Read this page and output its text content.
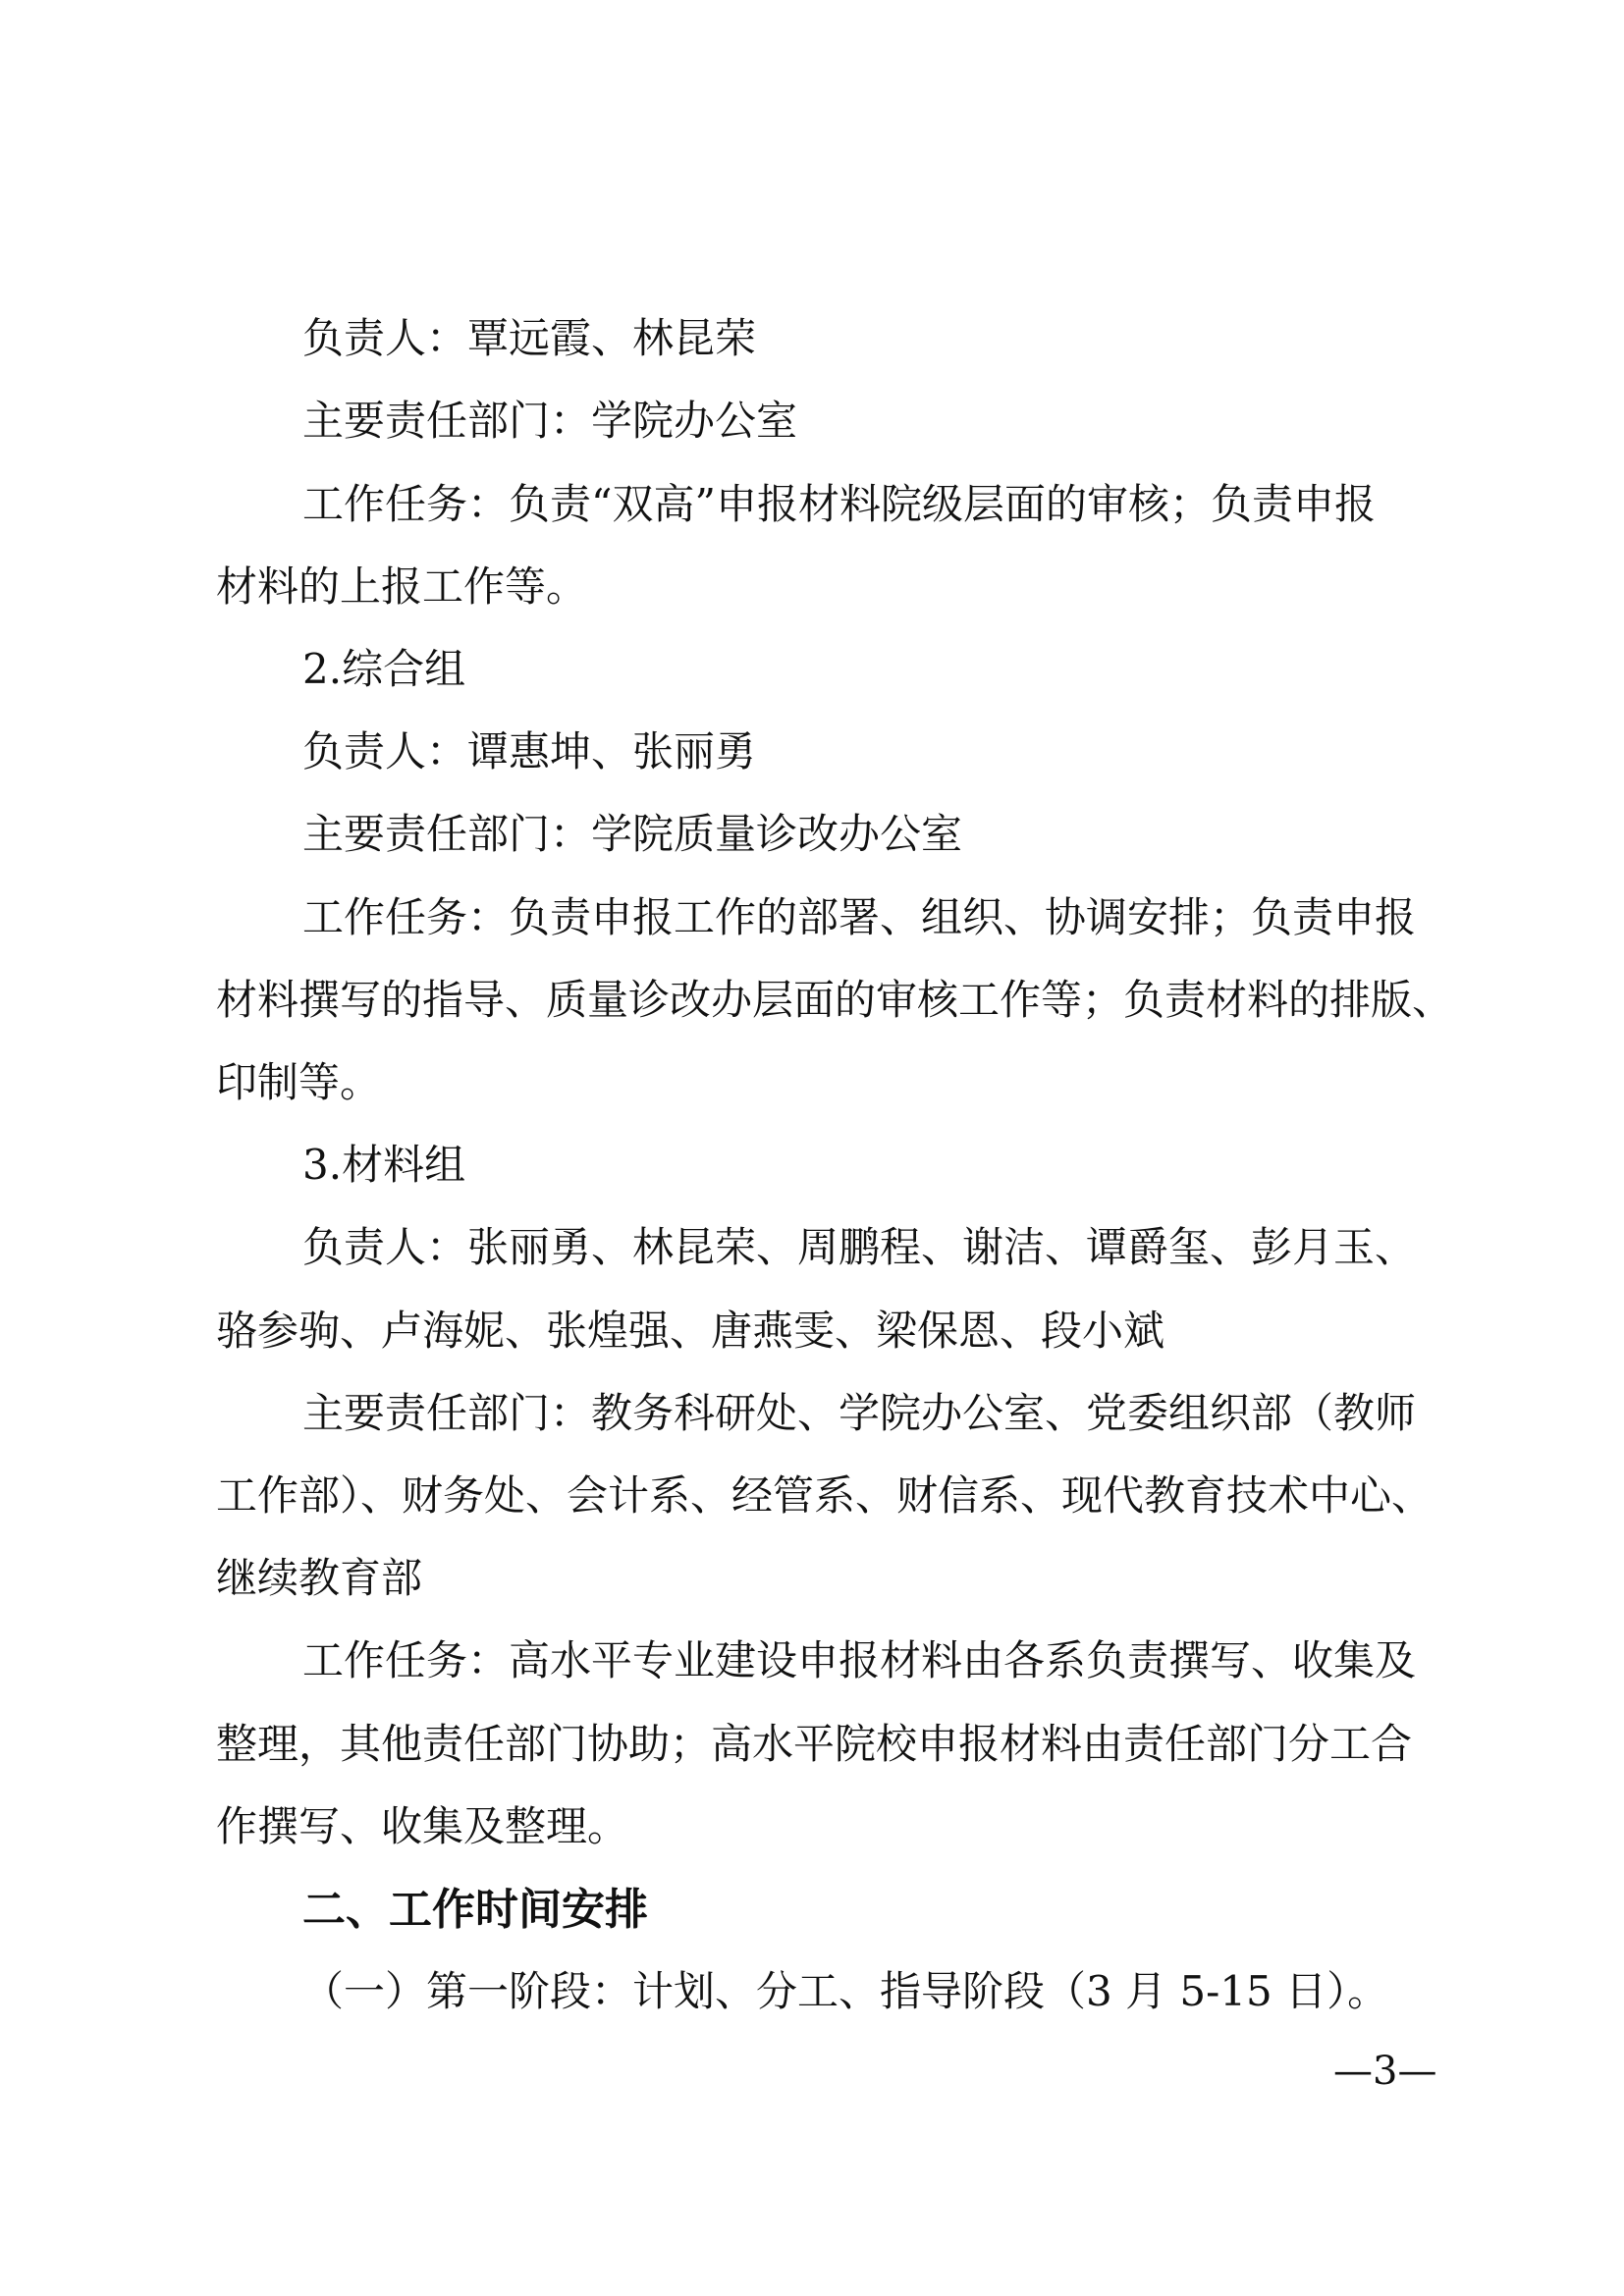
负责人：覃远霞、林昆荣
主要责任部门：学院办公室
工作任务：负责“双高”申报材料院级层面的审核；负责申报
材料的上报工作等。
2.综合组
负责人：谭惠坤、张丽勇
主要责任部门：学院质量诊改办公室
工作任务：负责申报工作的部署、组织、协调安排；负责申报
材料撰写的指导、质量诊改办层面的审核工作等；负责材料的排版、
印制等。
3.材料组
负责人：张丽勇、林昆荣、周鹏程、谢洁、谭爵玺、彭月玉、
骆参驹、卢海妮、张煌强、唐燕雯、梁保恩、段小斌
主要责任部门：教务科研处、学院办公室、党委组织部（教师
工作部）、财务处、会计系、经管系、财信系、现代教育技术中心、
继续教育部
工作任务：高水平专业建设申报材料由各系负责撰写、收集及
整理，其他责任部门协助；高水平院校申报材料由责任部门分工合
作撰写、收集及整理。
二、工作时间安排
（一）第一阶段：计划、分工、指导阶段（3 月 5-15 日）。
—3—
